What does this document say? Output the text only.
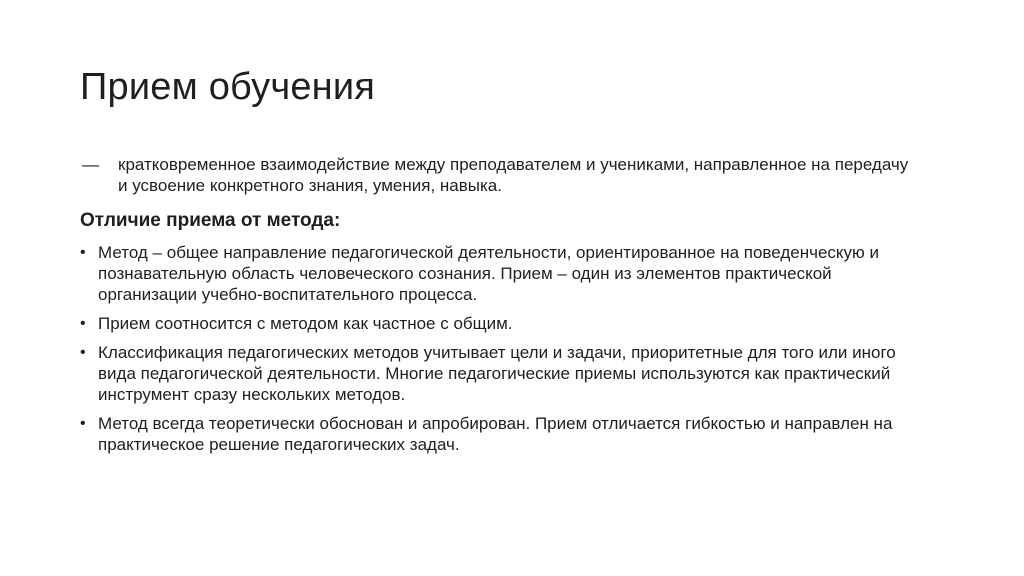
Прием обучения
—	кратковременное взаимодействие между преподавателем и учениками, направленное на передачу и усвоение конкретного знания, умения, навыка.
Отличие приема от метода:
• Метод – общее направление педагогической деятельности, ориентированное на поведенческую и познавательную область человеческого сознания. Прием – один из элементов практической организации учебно-воспитательного процесса.
• Прием соотносится с методом как частное с общим.
• Классификация педагогических методов учитывает цели и задачи, приоритетные для того или иного вида педагогической деятельности. Многие педагогические приемы используются как практический инструмент сразу нескольких методов.
• Метод всегда теоретически обоснован и апробирован. Прием отличается гибкостью и направлен на практическое решение педагогических задач.
